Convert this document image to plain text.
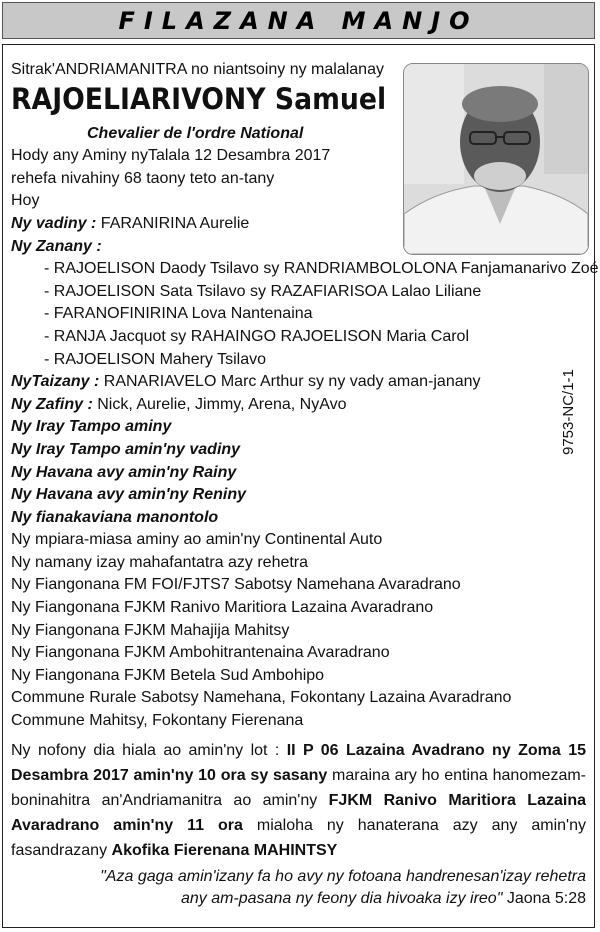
FILAZANA MANJO
9753-NC/1-1
Sitrak'ANDRIAMANITRA no niantsoiny ny malalanay
RAJOELIARIVONY Samuel
Chevalier de l'ordre National
Hody any Aminy nyTalala 12 Desambra 2017
rehefa nivahiny 68 taony teto an-tany
Hoy
Ny vadiny : FARANIRINA Aurelie
Ny Zanany :
- RAJOELISON Daody Tsilavo sy RANDRIAMBOLOLONA Fanjamanarivo Zoé
- RAJOELISON Sata Tsilavo sy RAZAFIARISOA Lalao Liliane
- FARANOFINIRINA Lova Nantenaina
- RANJA Jacquot sy RAHAINGO RAJOELISON Maria Carol
- RAJOELISON Mahery Tsilavo
NyTaizany : RANARIAVELO Marc Arthur sy ny vady aman-janany
Ny Zafiny : Nick, Aurelie, Jimmy, Arena, NyAvo
Ny Iray Tampo aminy
Ny Iray Tampo amin'ny vadiny
Ny Havana avy amin'ny Rainy
Ny Havana avy amin'ny Reniny
Ny fianakaviana manontolo
Ny mpiara-miasa aminy ao amin'ny Continental Auto
Ny namany izay mahafantatra azy rehetra
Ny Fiangonana FM FOI/FJTS7 Sabotsy Namehana Avaradrano
Ny Fiangonana FJKM Ranivo Maritiora Lazaina Avaradrano
Ny Fiangonana FJKM Mahajija Mahitsy
Ny Fiangonana FJKM Ambohitrantenaina Avaradrano
Ny Fiangonana FJKM Betela Sud Ambohipo
Commune Rurale Sabotsy Namehana, Fokontany Lazaina Avaradrano
Commune Mahitsy, Fokontany Fierenana
Ny nofony dia hiala ao amin'ny lot : II P 06 Lazaina Avadrano ny Zoma 15 Desambra 2017 amin'ny 10 ora sy sasany maraina ary ho entina hanomezam-boninahitra an'Andriamanitra ao amin'ny FJKM Ranivo Maritiora Lazaina Avaradrano amin'ny 11 ora mialoha ny hanaterana azy any amin'ny fasandrazany Akofika Fierenana MAHINTSY
"Aza gaga amin'izany fa ho avy ny fotoana handrenesan'izay rehetra
any am-pasana ny feony dia hivoaka izy ireo" Jaona 5:28
